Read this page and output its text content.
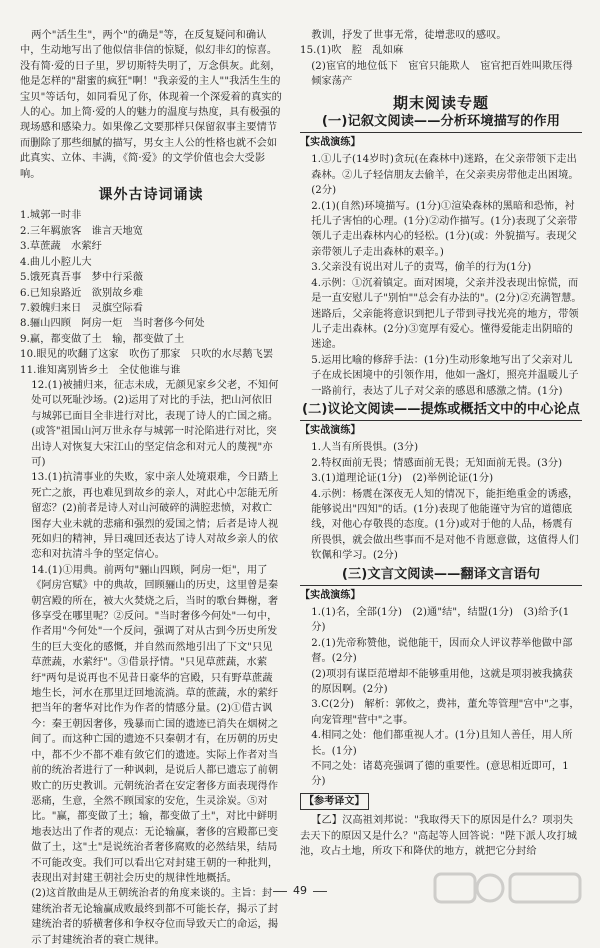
两个"活生生"，两个"的确是"等，在反复疑问和确认中，生动地写出了他似信非信的惊疑，似幻非幻的惊喜。没有简·爱的日子里，罗切斯特失明了，万念俱灰。此刻，他是怎样的"甜蜜的疯狂"啊！"我亲爱的主人""我活生生的宝贝"等话句，如同看见了你，体现着一个深爱着的真实的人的心。加上简·爱的人的魅力的温度与热度，具有极强的现场感和感染力。如果像乙文要那样只保留叙事主要情节而删除了那些细腻的描写，男女主人公的性格也就不会如此真实、立体、丰满，《简·爱》的文学价值也会大受影响。

课外古诗词诵读

1.城郭一时非

2.三年羁旅客　谁言天地宽

3.草蔗蔬　水萦纡

4.曲儿小腔儿大

5.饿死真吾事　梦中行采薇

6.已知泉路近　欲别故乡难

7.毅魄归来日　灵旗空际看

8.骊山四顾　阿房一炬　当时奢侈今何处

9.赢，都变做了土　输，都变做了土

10.眼见的吹翻了这家　吹伤了那家　只吹的水尽鹅飞罢

11.谁知离别皆乡土　全仗他谁与谁

12.(1)被捕归来，征志未成，无颜见家乡父老，不知何处可以死耻沙场。(2)运用了对比的手法，把山河依旧与城郭已面目全非进行对比，表现了诗人的亡国之痛。(或答"祖国山河万世永存与城郭一时沦陷进行对比，突出诗人对恢复大宋江山的坚定信念和对元人的蔑视"亦可)

13.(1)抗清事业的失败，家中亲人处境艰难，今日踏上死亡之旅，再也难见到故乡的亲人，对此心中怎能无所留恋？(2)前者是诗人对山河破碎的满腔悲愤，对救亡图存大业未就的悲痛和强烈的爱国之情；后者是诗人视死如归的精神，异日魂回还表达了诗人对故乡亲人的依恋和对抗清斗争的坚定信心。

14.(1)①用典。前两句"骊山四顾，阿房一炬"，用了《阿房宫赋》中的典故，回顾骊山的历史，这里曾是秦朝宫殿的所在，被大火焚烧之后，当时的歌台舞榭，奢侈享受在哪里呢？②反问。"当时奢侈今何处"一句中，作者用"今何处"一个反问，强调了对从古到今历史所发生的巨大变化的感慨，并自然而然地引出了下文"只见草蔗蔬，水萦纡"。③借景抒情。"只见草蔗蔬，水萦纡"两句是说再也不见昔日豪华的宫殿，只有野草蔗蔬地生长，河水在那里迂回地流淌。草的蔗蔬，水的萦纡把当年的奢华对比作为作者的情感分量。(2)①借古讽今：秦王朝因奢侈，残暴而亡国的遗迹已消失在烟树之间了。而这种亡国的遗迹不只秦朝才有，在历朝的历史中，都不少不都不难有敛它们的遗迹。实际上作者对当前的统治者进行了一种讽刺，是说后人都已遗忘了前朝败亡的历史教训。元朝统治者在安定奢侈方面表现得作恶痛，生意，全然不顾国家的安危，生灵涂炭。⑤对比。"赢，都变做了土；输，都变做了土"，对比中鲜明地表达出了作者的观点：无论输赢，奢侈的宫殿都已变做了土，这"土"是说统治者奢侈腐败的必然结果，结局不可能改变。我们可以看出它对封建王朝的一种批判，表现出对封建王朝社会历史的规律性地概括。

(2)这首散曲是从王朝统治者的角度来谈的。主旨：封建统治者无论输赢成败最终到都不可能长存，揭示了封建统治者的骄横奢侈和争权夺位而导致天亡的命运，揭示了封建统治者的衰亡规律。

教训，抒发了世事无常，徒增悲叹的感叹。

15.(1)吹　腔　乱如麻

(2)宦官的地位低下　宦官只能欺人　宦官把百姓叫欺压得倾家荡产

期末阅读专题
(一)记叙文阅读——分析环境描写的作用
【实战演练】

1.①儿子(14岁时)贪玩(在森林中)迷路，在父亲带领下走出森林。②儿子轻信朋友去偷羊，在父亲卖房带他走出困境。(2分)

2.(1)(自然)环境描写。(1分)①渲染森林的黑暗和恐怖，衬托儿子害怕的心理。(1分)②动作描写。(1分)表现了父亲带领儿子走出森林内心的轻松。(1分)(或：外貌描写。表现父亲带领儿子走出森林的艰辛。)

3.父亲没有说出对儿子的责骂，偷羊的行为(1分)

4.示例：①沉着镇定。面对困境，父亲并没表现出惊慌，而是一直安慰儿子"别怕""总会有办法的"。(2分)②充满智慧。迷路后，父亲能将意识到把儿子带到寻找光亮的地方，带领儿子走出森林。(2分)③宽厚有爱心。懂得爱能走出阴暗的迷途。

5.运用比喻的修辞手法：(1分)生动形象地写出了父亲对儿子在成长困境中的引领作用，他如一盏灯，照亮并温暖儿子一路前行，表达了儿子对父亲的感恩和感激之情。(1分)

(二)议论文阅读——提炼或概括文中的中心论点
【实战演练】

1.人当有所畏惧。(3分)

2.特权面前无畏；情感面前无畏；无知面前无畏。(3分)

3.(1)道理论证(1分)　(2)举例论证(1分)

4.示例：杨震在深夜无人知的情况下，能拒绝重金的诱惑，能够说出"四知"的话。(1分)表现了他能谨守为官的道德底线，对他心存敬畏的态度。(1分)或对于他的人品，杨震有所畏惧，就会做出些事而不是对他不肯愿意做，这值得人们钦佩和学习。(2分)

(三)文言文阅读——翻译文言语句
【实战演练】

1.(1)名，全部(1分)　(2)通"结"，结盟(1分)　(3)给予(1分)

2.(1)先帝称赞他，说他能干，因而众人评议荐举他做中部督。(2分)

(2)项羽有谋臣范增却不能够重用他，这就是项羽被我擒获的原因啊。(2分)

3.C(2分)　解析：郭攸之，费祎，董允等管理"宫中"之事，向宠管理"营中"之事。

4.相同之处：他们都重视人才。(1分)且知人善任，用人所长。(1分)

不同之处：诸葛亮强调了德的重要性。(意思相近即可，1分)

【参考译文】

【乙】汉高祖刘邦说："我取得天下的原因是什么？项羽失去天下的原因又是什么？"高起等人回答说："陛下派人攻打城池，攻占土地，所攻下和降伏的地方，就把它分封给

49
